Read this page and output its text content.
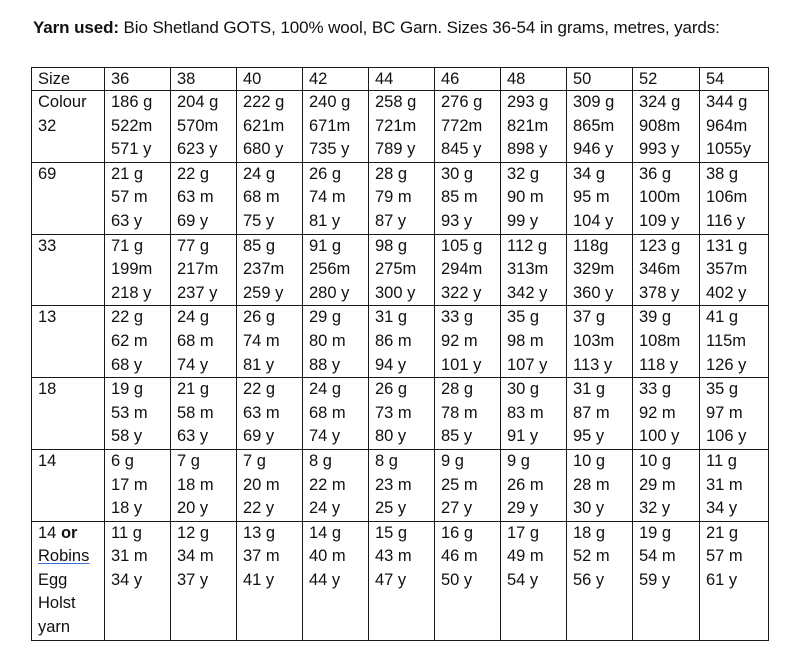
Yarn used: Bio Shetland GOTS, 100% wool, BC Garn. Sizes 36-54 in grams, metres, yards:
Size	36	38	40	42	44	46	48	50	52	54

Colour
32	186 g
522m
571 y	204 g
570m
623 y	222 g
621m
680 y	240 g
671m
735 y	258 g
721m
789 y	276 g
772m
845 y	293 g
821m
898 y	309 g
865m
946 y	324 g
908m
993 y	344 g
964m
1055y

69	21 g
57 m
63 y	22 g
63 m
69 y	24 g
68 m
75 y	26 g
74 m
81 y	28 g
79 m
87 y	30 g
85 m
93 y	32 g
90 m
99 y	34 g
95 m
104 y	36 g
100m
109 y	38 g
106m
116 y

33	71 g
199m
218 y	77 g
217m
237 y	85 g
237m
259 y	91 g
256m
280 y	98 g
275m
300 y	105 g
294m
322 y	112 g
313m
342 y	118g
329m
360 y	123 g
346m
378 y	131 g
357m
402 y

13	22 g
62 m
68 y	24 g
68 m
74 y	26 g
74 m
81 y	29 g
80 m
88 y	31 g
86 m
94 y	33 g
92 m
101 y	35 g
98 m
107 y	37 g
103m
113 y	39 g
108m
118 y	41 g
115m
126 y

18	19 g
53 m
58 y	21 g
58 m
63 y	22 g
63 m
69 y	24 g
68 m
74 y	26 g
73 m
80 y	28 g
78 m
85 y	30 g
83 m
91 y	31 g
87 m
95 y	33 g
92 m
100 y	35 g
97 m
106 y

14	6 g
17 m
18 y	7 g
18 m
20 y	7 g
20 m
22 y	8 g
22 m
24 y	8 g
23 m
25 y	9 g
25 m
27 y	9 g
26 m
29 y	10 g
28 m
30 y	10 g
29 m
32 y	11 g
31 m
34 y

14 or
Robins
Egg
Holst
yarn	11 g
31 m
34 y	12 g
34 m
37 y	13 g
37 m
41 y	14 g
40 m
44 y	15 g
43 m
47 y	16 g
46 m
50 y	17 g
49 m
54 y	18 g
52 m
56 y	19 g
54 m
59 y	21 g
57 m
61 y
